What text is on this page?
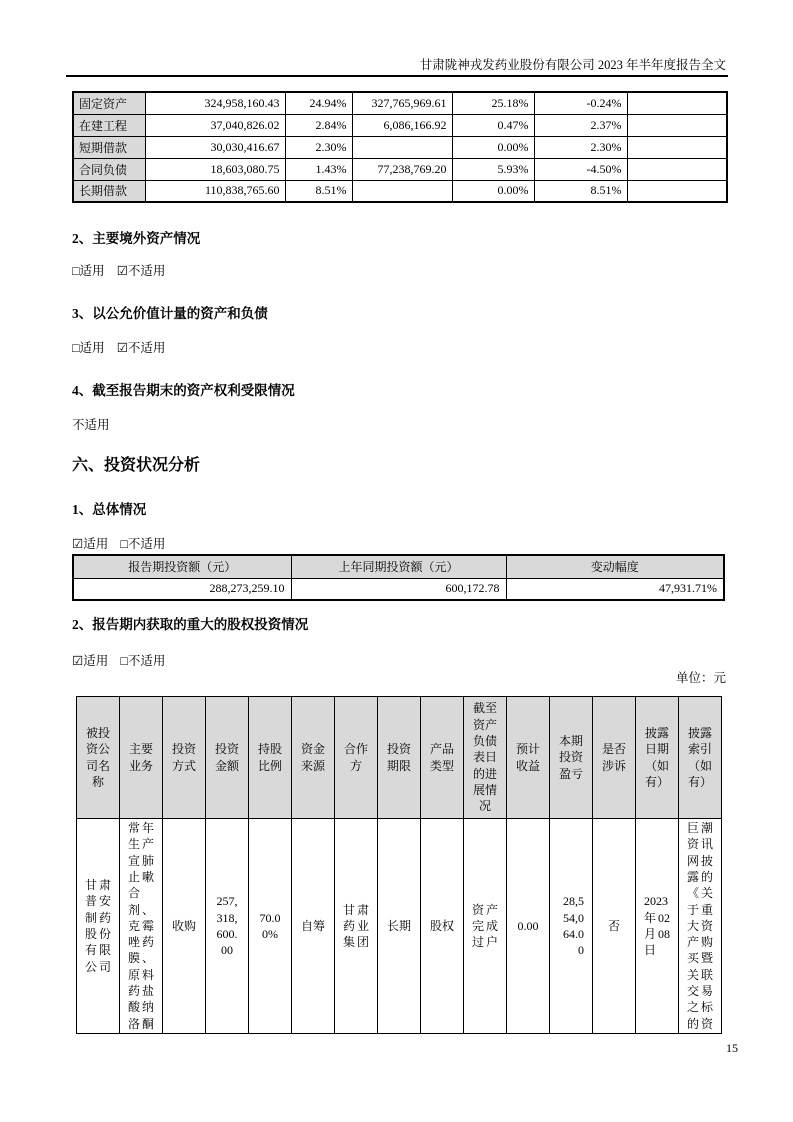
甘肃陇神戎发药业股份有限公司 2023 年半年度报告全文
固定资产	324,958,160.43	24.94%	327,765,969.61	25.18%	-0.24%	
在建工程	37,040,826.02	2.84%	6,086,166.92	0.47%	2.37%	
短期借款	30,030,416.67	2.30%		0.00%	2.30%	
合同负债	18,603,080.75	1.43%	77,238,769.20	5.93%	-4.50%	
长期借款	110,838,765.60	8.51%		0.00%	8.51%	
2、主要境外资产情况
□适用 ☑不适用
3、以公允价值计量的资产和负债
□适用 ☑不适用
4、截至报告期末的资产权利受限情况
不适用
六、投资状况分析
1、总体情况
☑适用 □不适用
报告期投资额（元）	上年同期投资额（元）	变动幅度
288,273,259.10	600,172.78	47,931.71%
2、报告期内获取的重大的股权投资情况
☑适用 □不适用
单位：元
被投资公司名称	主要业务	投资方式	投资金额	持股比例	资金来源	合作方	投资期限	产品类型	截至资产负债表日的进展情况	预计收益	本期投资盈亏	是否涉诉	披露日期（如有）	披露索引（如有）
甘肃普安制药股份有限公司	常年生产宣肺止嗽合剂、克霉唑药膜、原料药盐酸纳洛酮	收购	257,318,600.00	70.00%	自筹	甘肃药业集团	长期	股权	资产完成过户	0.00	28,554,064.00	否	2023年02月08日	巨潮资讯网披露的《关于重大资产购买暨关联交易之标的资
15
